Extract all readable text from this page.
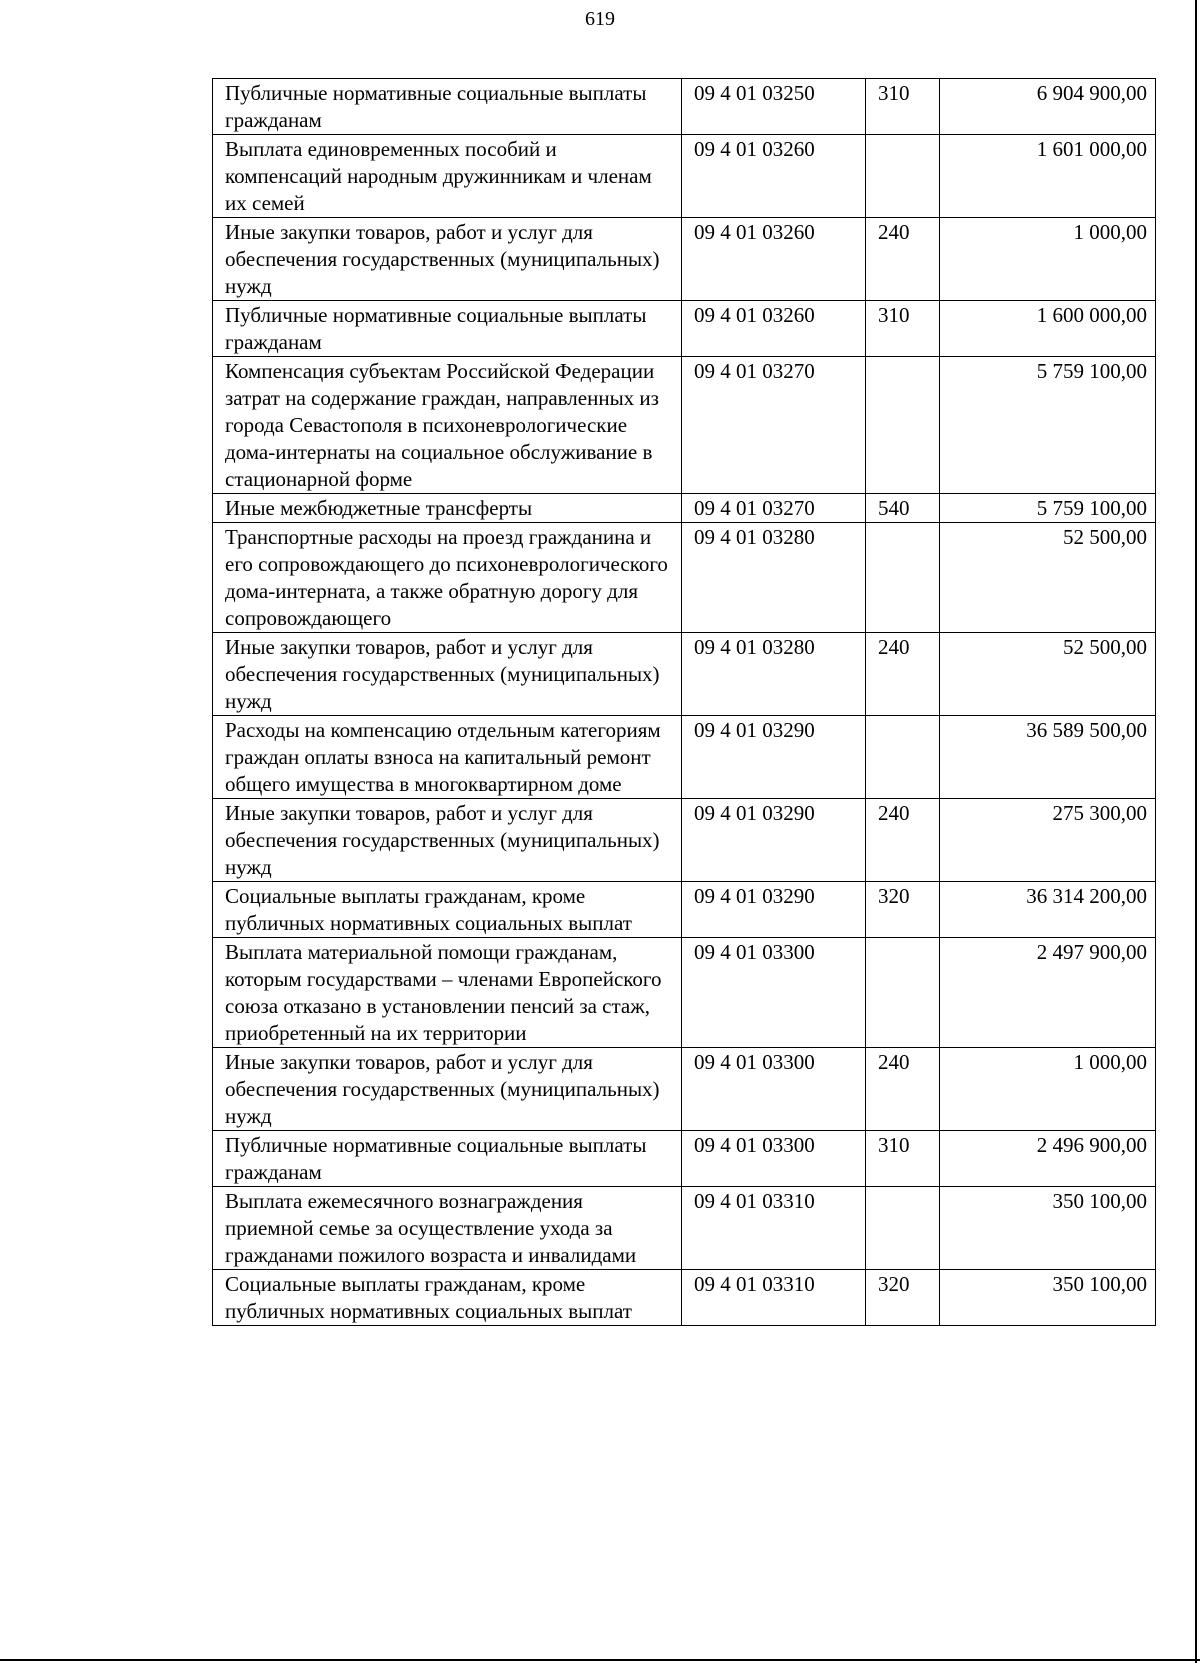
619
Публичные нормативные социальные выплаты гражданам	09 4 01 03250	310	6 904 900,00
Выплата единовременных пособий и компенсаций народным дружинникам и членам их семей	09 4 01 03260		1 601 000,00
Иные закупки товаров, работ и услуг для обеспечения государственных (муниципальных) нужд	09 4 01 03260	240	1 000,00
Публичные нормативные социальные выплаты гражданам	09 4 01 03260	310	1 600 000,00
Компенсация субъектам Российской Федерации затрат на содержание граждан, направленных из города Севастополя в психоневрологические дома-интернаты на социальное обслуживание в стационарной форме	09 4 01 03270		5 759 100,00
Иные межбюджетные трансферты	09 4 01 03270	540	5 759 100,00
Транспортные расходы на проезд гражданина и его сопровождающего до психоневрологического дома-интерната, а также обратную дорогу для сопровождающего	09 4 01 03280		52 500,00
Иные закупки товаров, работ и услуг для обеспечения государственных (муниципальных) нужд	09 4 01 03280	240	52 500,00
Расходы на компенсацию отдельным категориям граждан оплаты взноса на капитальный ремонт общего имущества в многоквартирном доме	09 4 01 03290		36 589 500,00
Иные закупки товаров, работ и услуг для обеспечения государственных (муниципальных) нужд	09 4 01 03290	240	275 300,00
Социальные выплаты гражданам, кроме публичных нормативных социальных выплат	09 4 01 03290	320	36 314 200,00
Выплата материальной помощи гражданам, которым государствами – членами Европейского союза отказано в установлении пенсий за стаж, приобретенный на их территории	09 4 01 03300		2 497 900,00
Иные закупки товаров, работ и услуг для обеспечения государственных (муниципальных) нужд	09 4 01 03300	240	1 000,00
Публичные нормативные социальные выплаты гражданам	09 4 01 03300	310	2 496 900,00
Выплата ежемесячного вознаграждения приемной семье за осуществление ухода за гражданами пожилого возраста и инвалидами	09 4 01 03310		350 100,00
Социальные выплаты гражданам, кроме публичных нормативных социальных выплат	09 4 01 03310	320	350 100,00
